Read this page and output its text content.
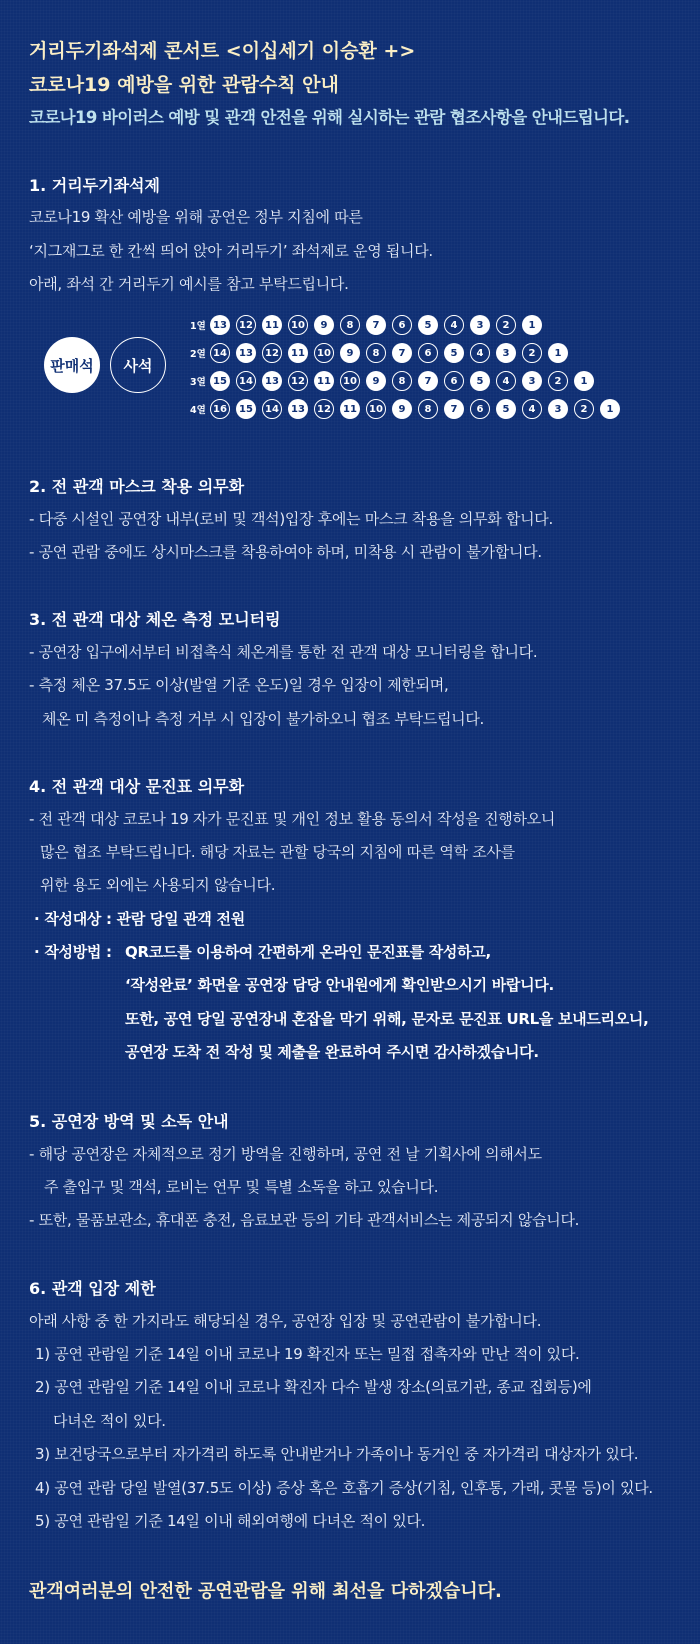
거리두기좌석제 콘서트 <이십세기 이승환 +>
코로나19 예방을 위한 관람수칙 안내
코로나19 바이러스 예방 및 관객 안전을 위해 실시하는 관람 협조사항을 안내드립니다.
1. 거리두기좌석제
코로나19 확산 예방을 위해 공연은 정부 지침에 따른
‘지그재그로 한 칸씩 띄어 앉아 거리두기’ 좌석제로 운영 됩니다.
아래, 좌석 간 거리두기 예시를 참고 부탁드립니다.
판매석	사석
1열 13	12	11	10	9	8	7	6	5	4	3	2	1
2열 14	13	12	11	10	9	8	7	6	5	4	3	2	1
3열 15	14	13	12	11	10	9	8	7	6	5	4	3	2	1
4열 16	15	14	13	12	11	10	9	8	7	6	5	4	3	2	1
2. 전 관객 마스크 착용 의무화
- 다중 시설인 공연장 내부(로비 및 객석)입장 후에는 마스크 착용을 의무화 합니다.
- 공연 관람 중에도 상시마스크를 착용하여야 하며, 미착용 시 관람이 불가합니다.
3. 전 관객 대상 체온 측정 모니터링
- 공연장 입구에서부터 비접촉식 체온계를 통한 전 관객 대상 모니터링을 합니다.
- 측정 체온 37.5도 이상(발열 기준 온도)일 경우 입장이 제한되며,
체온 미 측정이나 측정 거부 시 입장이 불가하오니 협조 부탁드립니다.
4. 전 관객 대상 문진표 의무화
- 전 관객 대상 코로나 19 자가 문진표 및 개인 정보 활용 동의서 작성을 진행하오니
많은 협조 부탁드립니다. 해당 자료는 관할 당국의 지침에 따른 역학 조사를
위한 용도 외에는 사용되지 않습니다.
· 작성대상 : 관람 당일 관객 전원
· 작성방법 : QR코드를 이용하여 간편하게 온라인 문진표를 작성하고,
‘작성완료’ 화면을 공연장 담당 안내원에게 확인받으시기 바랍니다.
또한, 공연 당일 공연장내 혼잡을 막기 위해, 문자로 문진표 URL을 보내드리오니,
공연장 도착 전 작성 및 제출을 완료하여 주시면 감사하겠습니다.
5. 공연장 방역 및 소독 안내
- 해당 공연장은 자체적으로 정기 방역을 진행하며, 공연 전 날 기획사에 의해서도
주 출입구 및 객석, 로비는 연무 및 특별 소독을 하고 있습니다.
- 또한, 물품보관소, 휴대폰 충전, 음료보관 등의 기타 관객서비스는 제공되지 않습니다.
6. 관객 입장 제한
아래 사항 중 한 가지라도 해당되실 경우, 공연장 입장 및 공연관람이 불가합니다.
1) 공연 관람일 기준 14일 이내 코로나 19 확진자 또는 밀접 접촉자와 만난 적이 있다.
2) 공연 관람일 기준 14일 이내 코로나 확진자 다수 발생 장소(의료기관, 종교 집회등)에
다녀온 적이 있다.
3) 보건당국으로부터 자가격리 하도록 안내받거나 가족이나 동거인 중 자가격리 대상자가 있다.
4) 공연 관람 당일 발열(37.5도 이상) 증상 혹은 호흡기 증상(기침, 인후통, 가래, 콧물 등)이 있다.
5) 공연 관람일 기준 14일 이내 해외여행에 다녀온 적이 있다.
관객여러분의 안전한 공연관람을 위해 최선을 다하겠습니다.
